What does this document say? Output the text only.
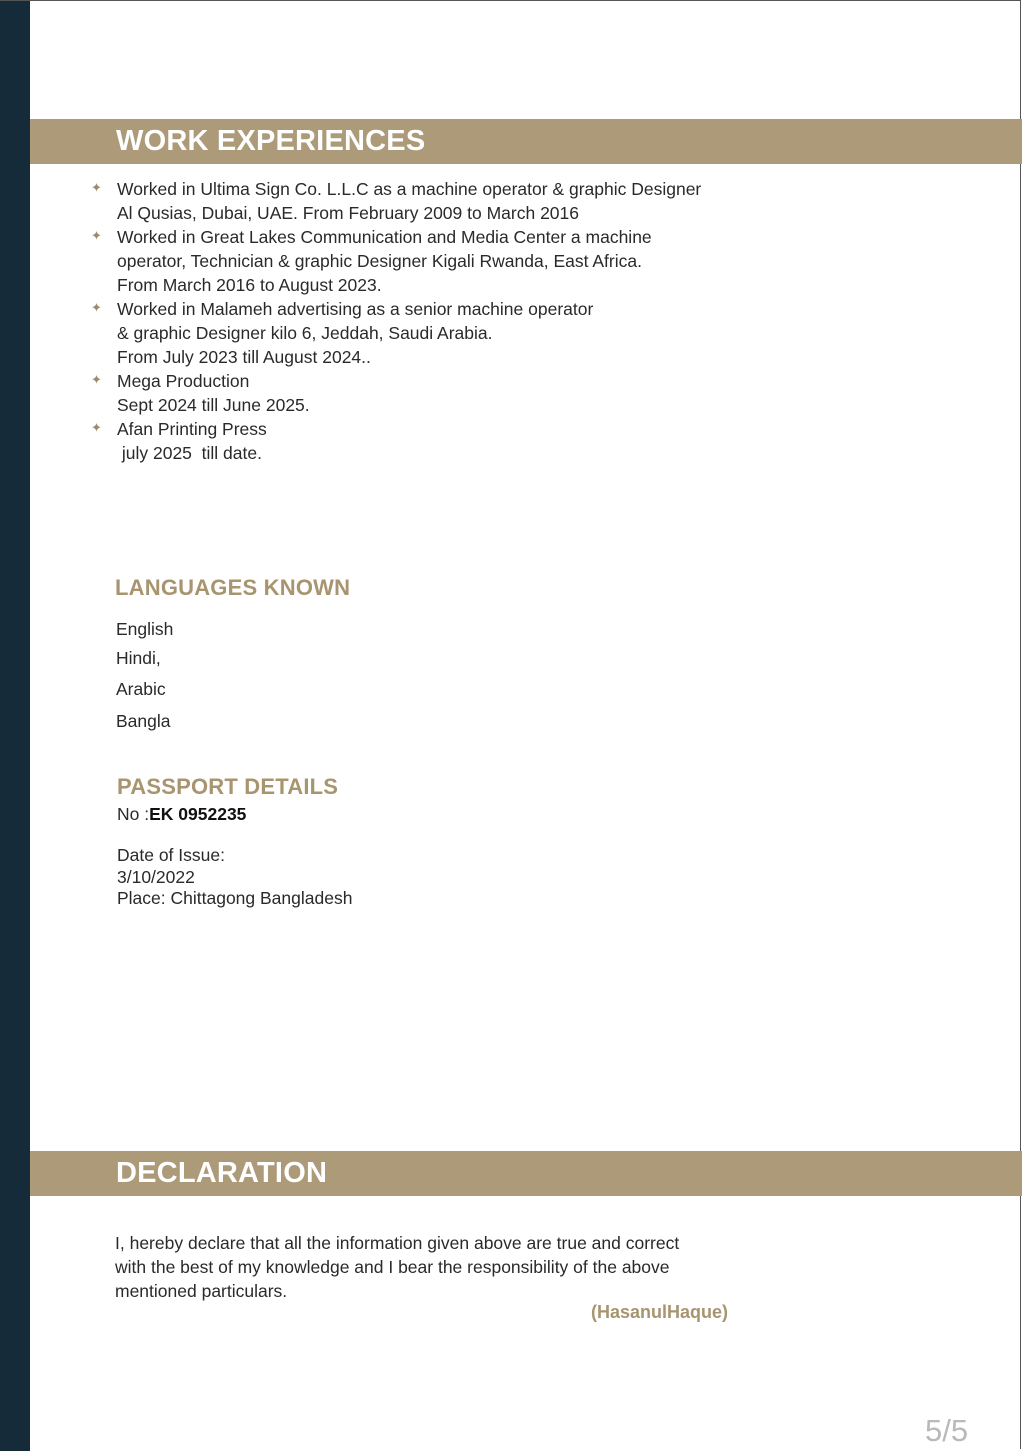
WORK EXPERIENCES
✦ Worked in Ultima Sign Co. L.L.C as a machine operator & graphic Designer
Al Qusias, Dubai, UAE. From February 2009 to March 2016
✦ Worked in Great Lakes Communication and Media Center a machine
operator, Technician & graphic Designer Kigali Rwanda, East Africa.
From March 2016 to August 2023.
✦ Worked in Malameh advertising as a senior machine operator
& graphic Designer kilo 6, Jeddah, Saudi Arabia.
From July 2023 till August 2024..
✦ Mega Production
Sept 2024 till June 2025.
✦ Afan Printing Press
july 2025  till date.
LANGUAGES KNOWN
English
Hindi,
Arabic
Bangla
PASSPORT DETAILS
No :EK 0952235
Date of Issue:
3/10/2022
Place: Chittagong Bangladesh
DECLARATION
I, hereby declare that all the information given above are true and correct
with the best of my knowledge and I bear the responsibility of the above
mentioned particulars.
(HasanulHaque)
5/5
